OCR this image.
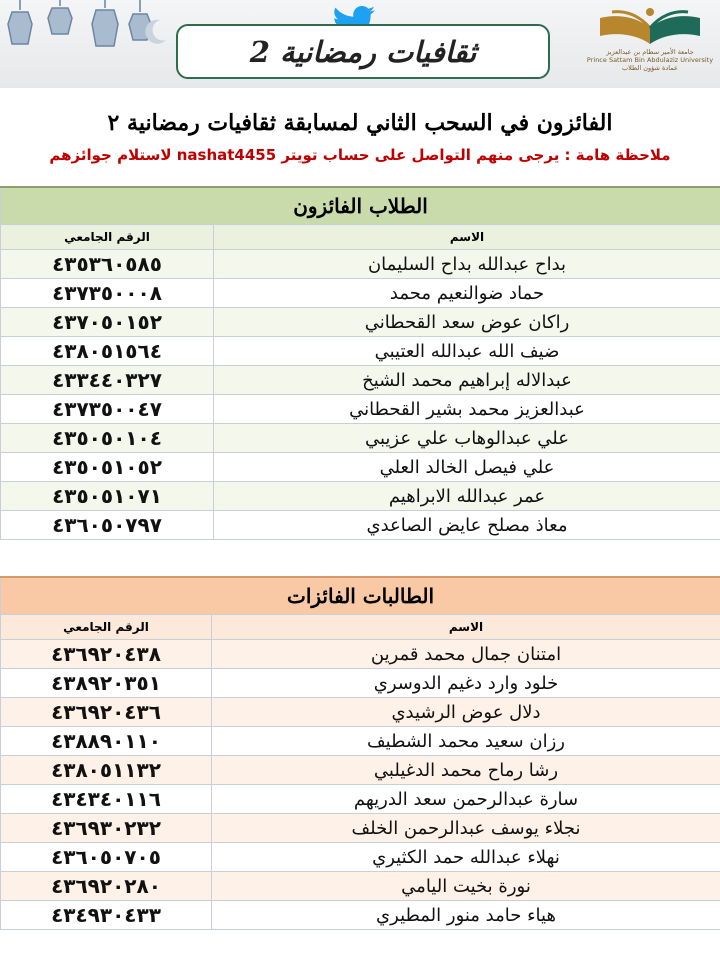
ثقافيات رمضانية 2	جامعة الأمير سطام بن عبدالعزيز
Prince Sattam Bin Abdulaziz University
عمادة شؤون الطلاب
الفائزون في السحب الثاني لمسابقة ثقافيات رمضانية ٢
ملاحظة هامة : يرجى منهم التواصل على حساب تويتر nashat4455 لاستلام جوائزهم
الطلاب الفائزون	
الرقم الجامعي	الاسم
٤٣٥٣٦٠٥٨٥	بداح عبدالله بداح السليمان
٤٣٧٣٥٠٠٠٨	حماد ضوالنعيم محمد
٤٣٧٠٥٠١٥٢	راكان عوض سعد القحطاني
٤٣٨٠٥١٥٦٤	ضيف الله عبدالله العتيبي
٤٣٣٤٤٠٣٢٧	عبدالاله إبراهيم محمد الشيخ
٤٣٧٣٥٠٠٤٧	عبدالعزيز محمد بشير القحطاني
٤٣٥٠٥٠١٠٤	علي عبدالوهاب علي عزيبي
٤٣٥٠٥١٠٥٢	علي فيصل الخالد العلي
٤٣٥٠٥١٠٧١	عمر عبدالله الابراهيم
٤٣٦٠٥٠٧٩٧	معاذ مصلح عايض الصاعدي
الطالبات الفائزات	
الرقم الجامعي	الاسم
٤٣٦٩٢٠٤٣٨	امتنان جمال محمد قمرين
٤٣٨٩٢٠٣٥١	خلود وارد دغيم الدوسري
٤٣٦٩٢٠٤٣٦	دلال عوض الرشيدي
٤٣٨٨٩٠١١٠	رزان سعيد محمد الشطيف
٤٣٨٠٥١١٣٢	رشا رماح محمد الدغيلبي
٤٣٤٣٤٠١١٦	سارة عبدالرحمن سعد الدريهم
٤٣٦٩٣٠٢٣٢	نجلاء يوسف عبدالرحمن الخلف
٤٣٦٠٥٠٧٠٥	نهلاء عبدالله حمد الكثيري
٤٣٦٩٢٠٢٨٠	نورة بخيت اليامي
٤٣٤٩٣٠٤٣٣	هياء حامد منور المطيري
